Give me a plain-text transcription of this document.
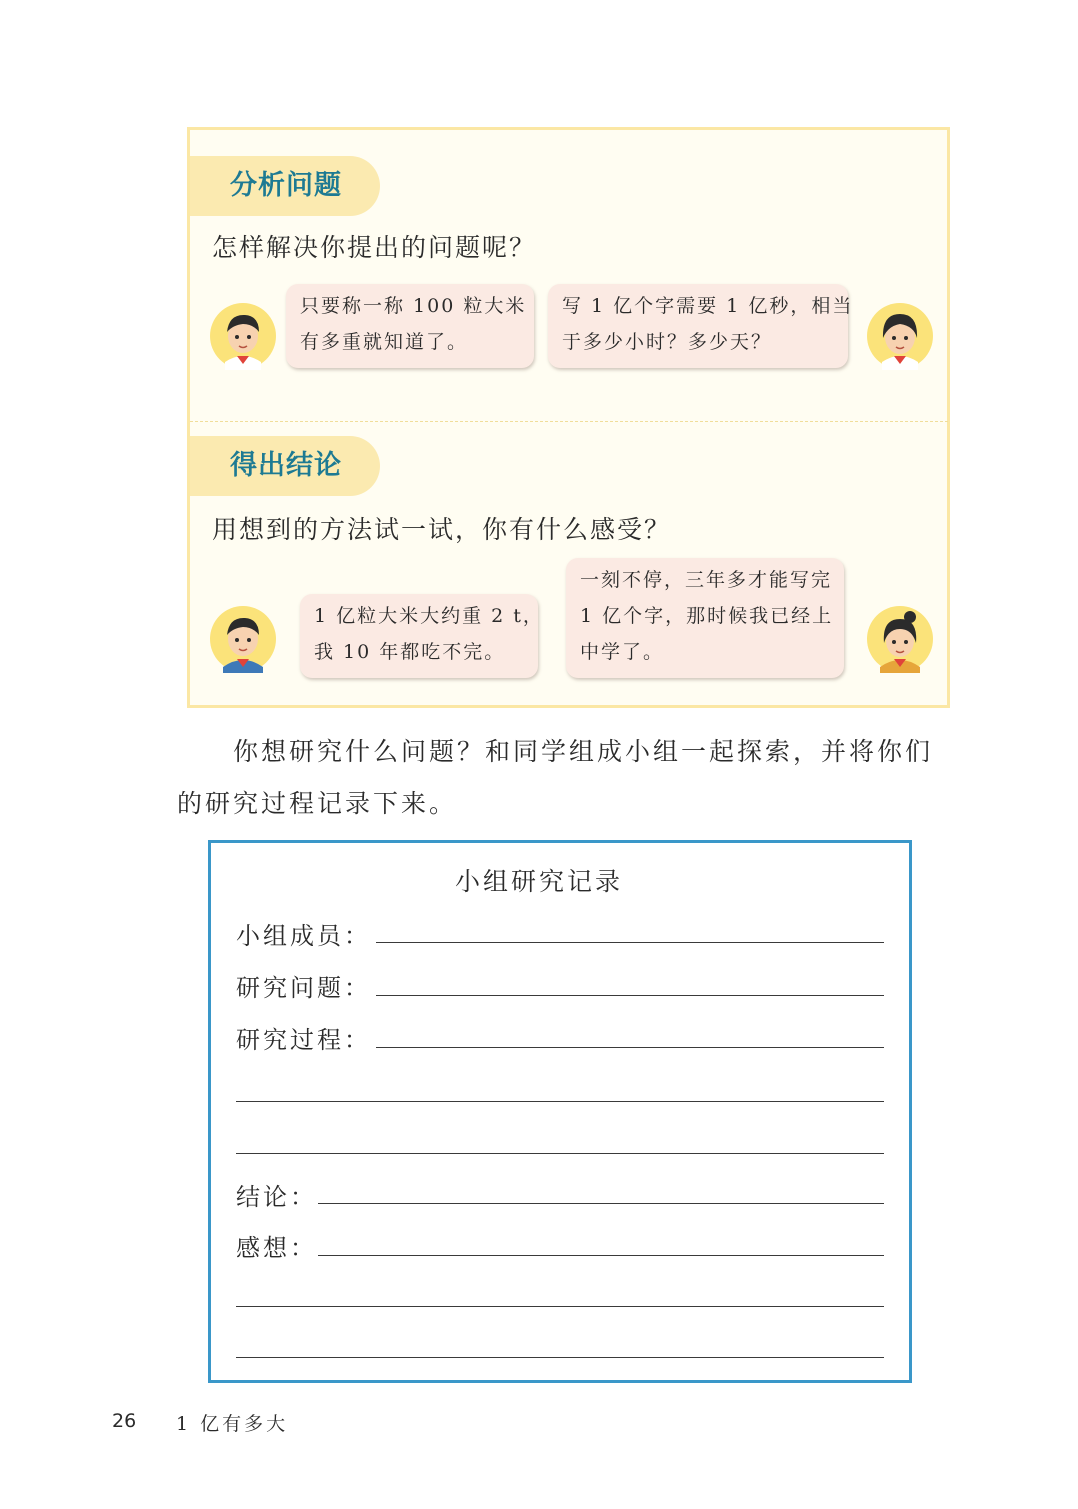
分析问题
怎样解决你提出的问题呢？
只要称一称 100 粒大米
有多重就知道了。
写 1 亿个字需要 1 亿秒，相当
于多少小时？多少天？
得出结论
用想到的方法试一试，你有什么感受？
1 亿粒大米大约重 2 t，
我 10 年都吃不完。
一刻不停，三年多才能写完
1 亿个字，那时候我已经上
中学了。
你想研究什么问题？和同学组成小组一起探索，并将你们
的研究过程记录下来。
小组研究记录
小组成员：
研究问题：
研究过程：
结论：
感想：
26 1 亿有多大
